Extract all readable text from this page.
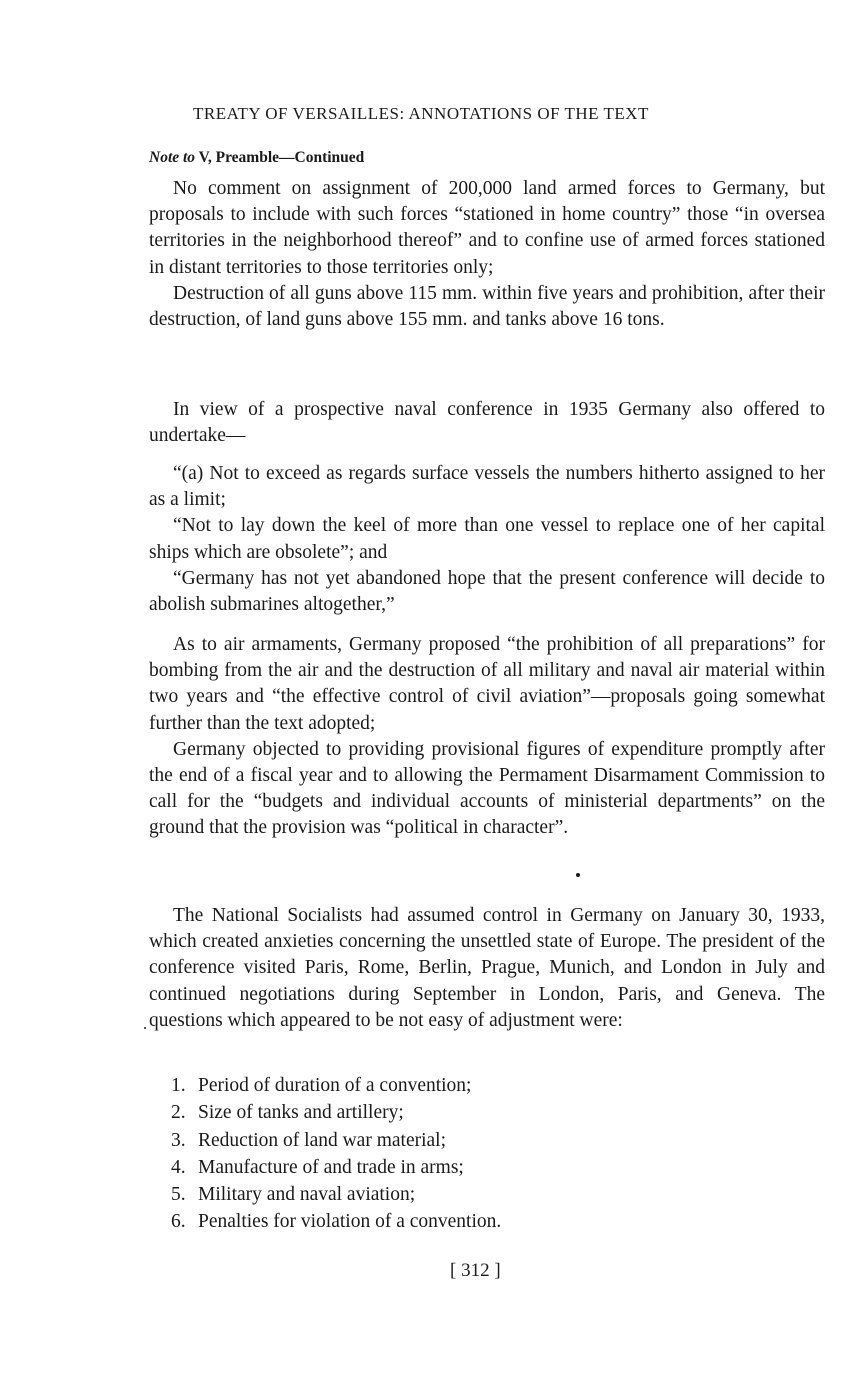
TREATY OF VERSAILLES: ANNOTATIONS OF THE TEXT

Note to V, Preamble—Continued

No comment on assignment of 200,000 land armed forces to Germany, but proposals to include with such forces “stationed in home country” those “in oversea territories in the neighborhood thereof” and to confine use of armed forces stationed in distant territories to those territories only;

Destruction of all guns above 115 mm. within five years and prohibition, after their destruction, of land guns above 155 mm. and tanks above 16 tons.

In view of a prospective naval conference in 1935 Germany also offered to undertake—

“(a) Not to exceed as regards surface vessels the numbers hitherto assigned to her as a limit;

“Not to lay down the keel of more than one vessel to replace one of her capital ships which are obsolete”; and

“Germany has not yet abandoned hope that the present conference will decide to abolish submarines altogether,”

As to air armaments, Germany proposed “the prohibition of all preparations” for bombing from the air and the destruction of all military and naval air material within two years and “the effective control of civil aviation”—proposals going somewhat further than the text adopted;

Germany objected to providing provisional figures of expenditure promptly after the end of a fiscal year and to allowing the Permament Disarmament Commission to call for the “budgets and individual accounts of ministerial departments” on the ground that the provision was “political in character”.

The National Socialists had assumed control in Germany on January 30, 1933, which created anxieties concerning the unsettled state of Europe. The president of the conference visited Paris, Rome, Berlin, Prague, Munich, and London in July and continued negotiations during September in London, Paris, and Geneva. The questions which appeared to be not easy of adjustment were:

1. Period of duration of a convention;
2. Size of tanks and artillery;
3. Reduction of land war material;
4. Manufacture of and trade in arms;
5. Military and naval aviation;
6. Penalties for violation of a convention.
[ 312 ]
